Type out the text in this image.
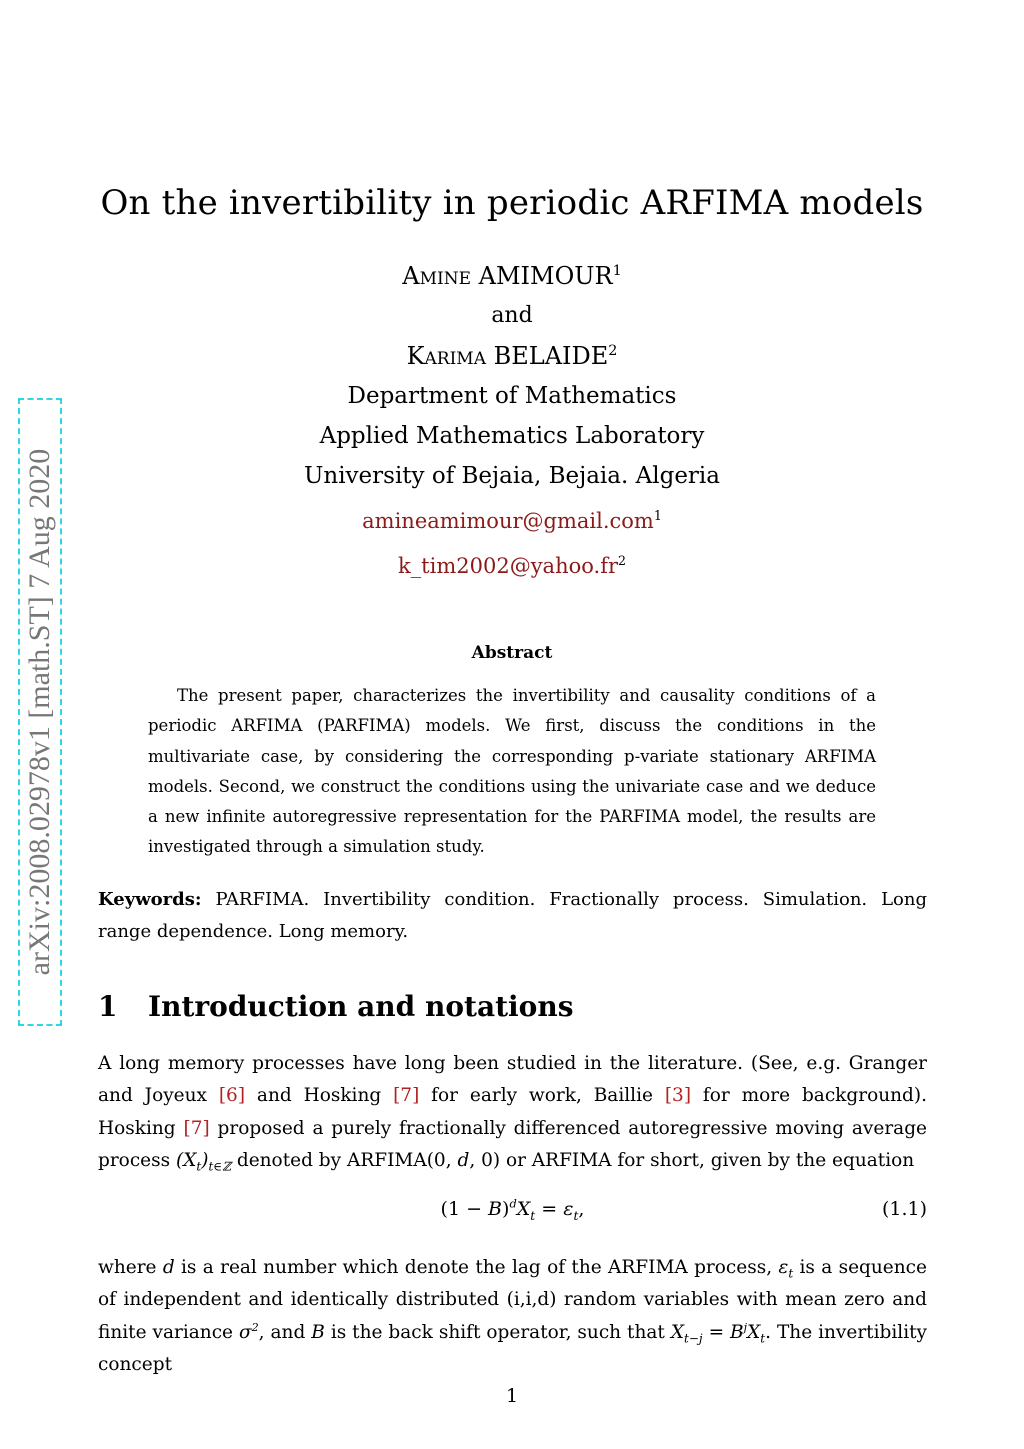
arXiv:2008.02978v1 [math.ST] 7 Aug 2020
On the invertibility in periodic ARFIMA models
Amine AMIMOUR$^1$
and
Karima BELAIDE$^2$
Department of Mathematics
Applied Mathematics Laboratory
University of Bejaia, Bejaia. Algeria
amineamimour@gmail.com$^1$
$k\_tim2002@yahoo.fr^2$
Abstract
The present paper, characterizes the invertibility and causality conditions of a periodic ARFIMA (PARFIMA) models. We first, discuss the conditions in the multivariate case, by considering the corresponding p-variate stationary ARFIMA models. Second, we construct the conditions using the univariate case and we deduce a new infinite autoregressive representation for the PARFIMA model, the results are investigated through a simulation study.
Keywords: PARFIMA. Invertibility condition. Fractionally process. Simulation. Long range dependence. Long memory.
1 Introduction and notations
A long memory processes have long been studied in the literature. (See, e.g. Granger and Joyeux [6] and Hosking [7] for early work, Baillie [3] for more background). Hosking [7] proposed a purely fractionally differenced autoregressive moving average process $(X_t)_{t\in ℤ}$ denoted by ARFIMA(0, d, 0) or ARFIMA for short, given by the equation
$(1 - B)^dX_t = \varepsilon_t$,	(1.1)
where d is a real number which denote the lag of the ARFIMA process, $\varepsilon_t$ is a sequence of independent and identically distributed (i,i,d) random variables with mean zero and finite variance $\sigma^2$, and B is the back shift operator, such that $X_{t-j} = B^jX_t$. The invertibility concept
1
